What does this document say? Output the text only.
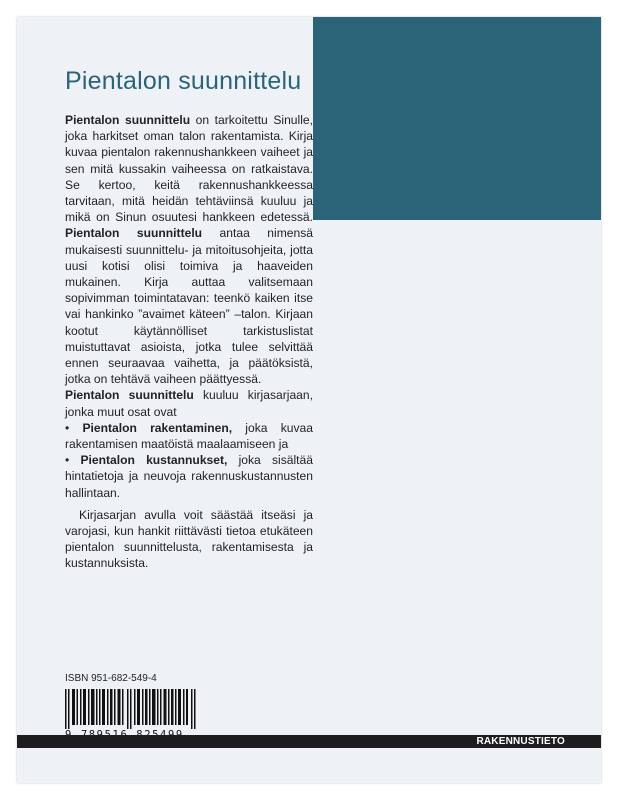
Pientalon suunnittelu

Pientalon suunnittelu on tarkoitettu Sinulle, joka harkitset oman talon rakentamista. Kirja kuvaa pientalon rakennushankkeen vaiheet ja sen mitä kussakin vaiheessa on ratkaistava. Se kertoo, keitä rakennushankkeessa tarvitaan, mitä heidän tehtäviinsä kuuluu ja mikä on Sinun osuutesi hankkeen edetessä. Pientalon suunnittelu antaa nimensä mukaisesti suunnittelu- ja mitoitusohjeita, jotta uusi kotisi olisi toimiva ja haaveiden mukainen. Kirja auttaa valitsemaan sopivimman toimintatavan: teenkö kaiken itse vai hankinko ”avaimet käteen” –talon. Kirjaan kootut käytännölliset tarkistuslistat muistuttavat asioista, jotka tulee selvittää ennen seuraavaa vaihetta, ja päätöksistä, jotka on tehtävä vaiheen päättyessä.

Pientalon suunnittelu kuuluu kirjasarjaan, jonka muut osat ovat

• Pientalon rakentaminen, joka kuvaa rakentamisen maatöistä maalaamiseen ja

• Pientalon kustannukset, joka sisältää hintatietoja ja neuvoja rakennuskustannusten hallintaan.

Kirjasarjan avulla voit säästää itseäsi ja varojasi, kun hankit riittävästi tietoa etukäteen pientalon suunnittelusta, rakentamisesta ja kustannuksista.

ISBN 951-682-549-4
RAKENNUSTIETO
